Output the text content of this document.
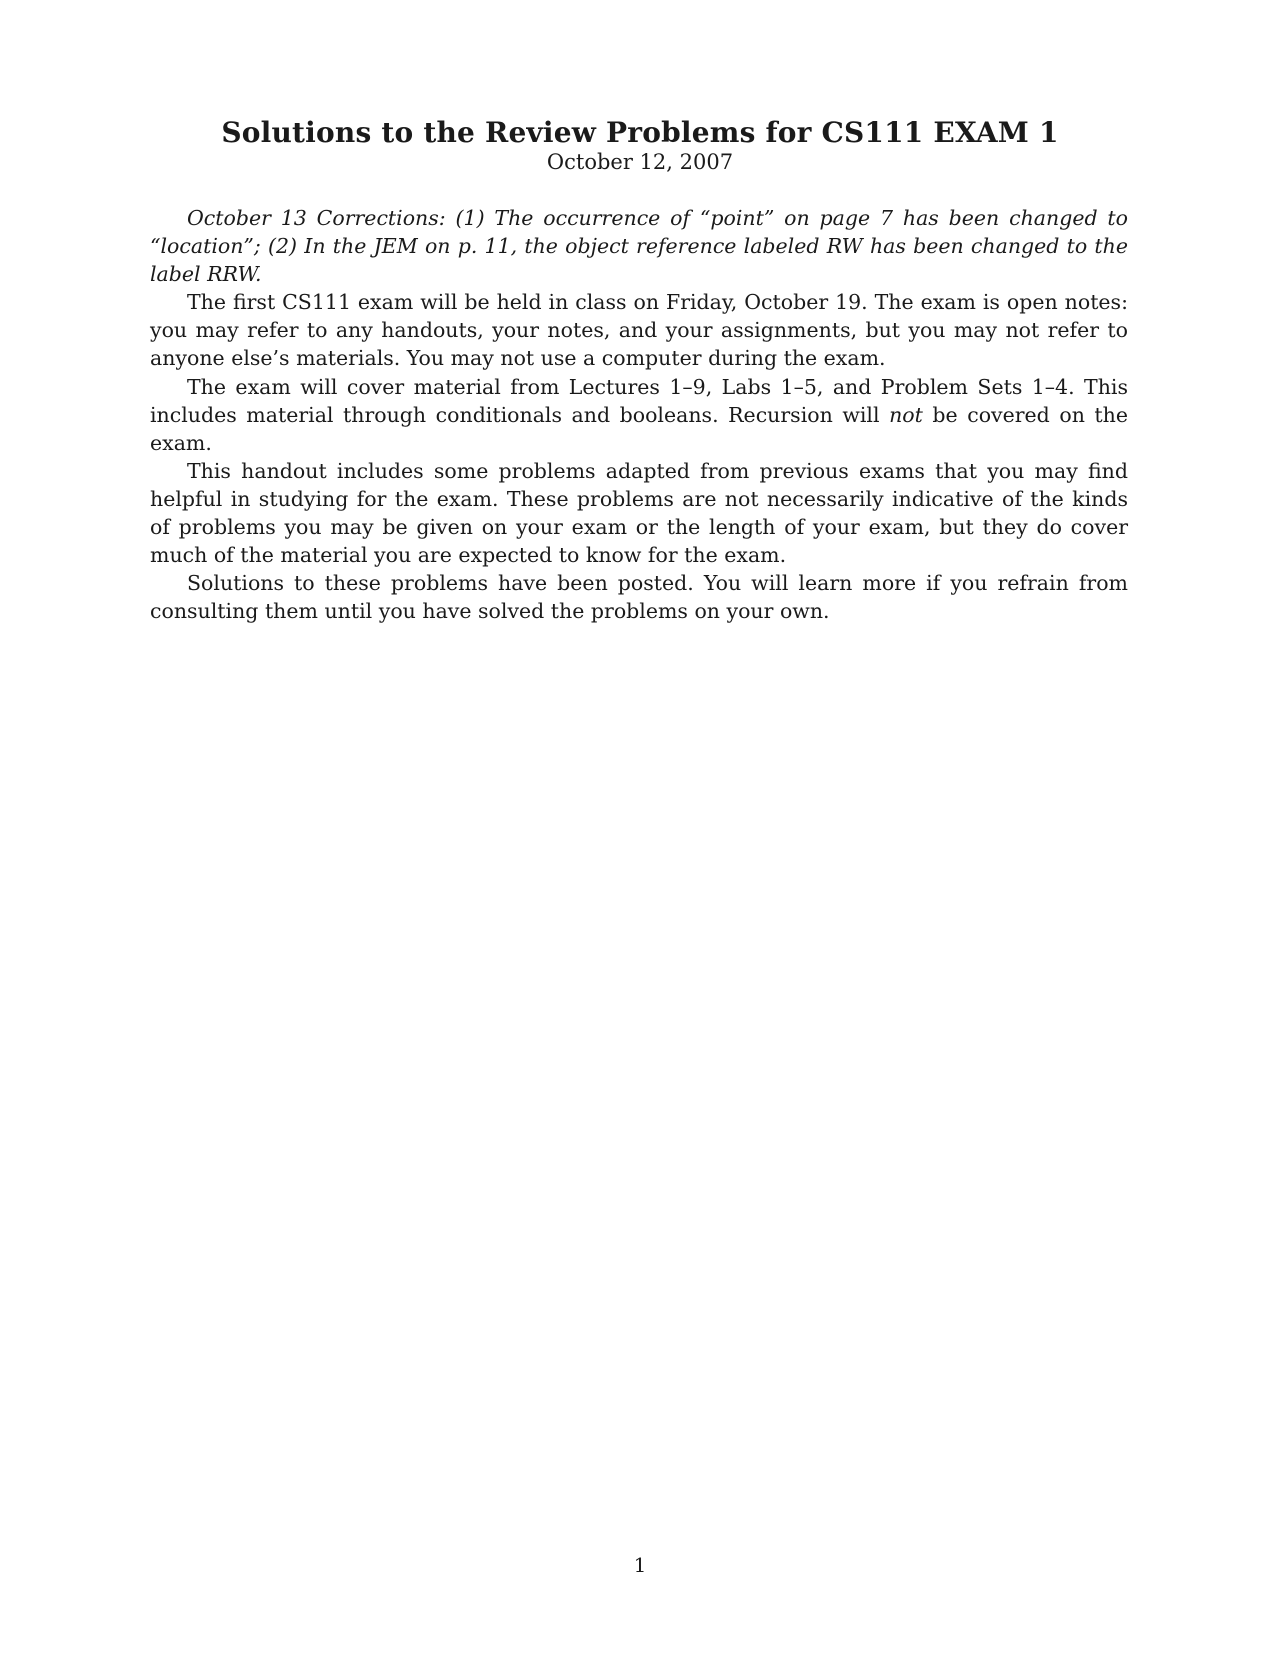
Solutions to the Review Problems for CS111 EXAM 1
October 12, 2007

October 13 Corrections: (1) The occurrence of “point” on page 7 has been changed to “location”; (2) In the JEM on p. 11, the object reference labeled RW has been changed to the label RRW.

The first CS111 exam will be held in class on Friday, October 19. The exam is open notes: you may refer to any handouts, your notes, and your assignments, but you may not refer to anyone else’s materials. You may not use a computer during the exam.

The exam will cover material from Lectures 1–9, Labs 1–5, and Problem Sets 1–4. This includes material through conditionals and booleans. Recursion will not be covered on the exam.

This handout includes some problems adapted from previous exams that you may find helpful in studying for the exam. These problems are not necessarily indicative of the kinds of problems you may be given on your exam or the length of your exam, but they do cover much of the material you are expected to know for the exam.

Solutions to these problems have been posted. You will learn more if you refrain from consulting them until you have solved the problems on your own.

1
